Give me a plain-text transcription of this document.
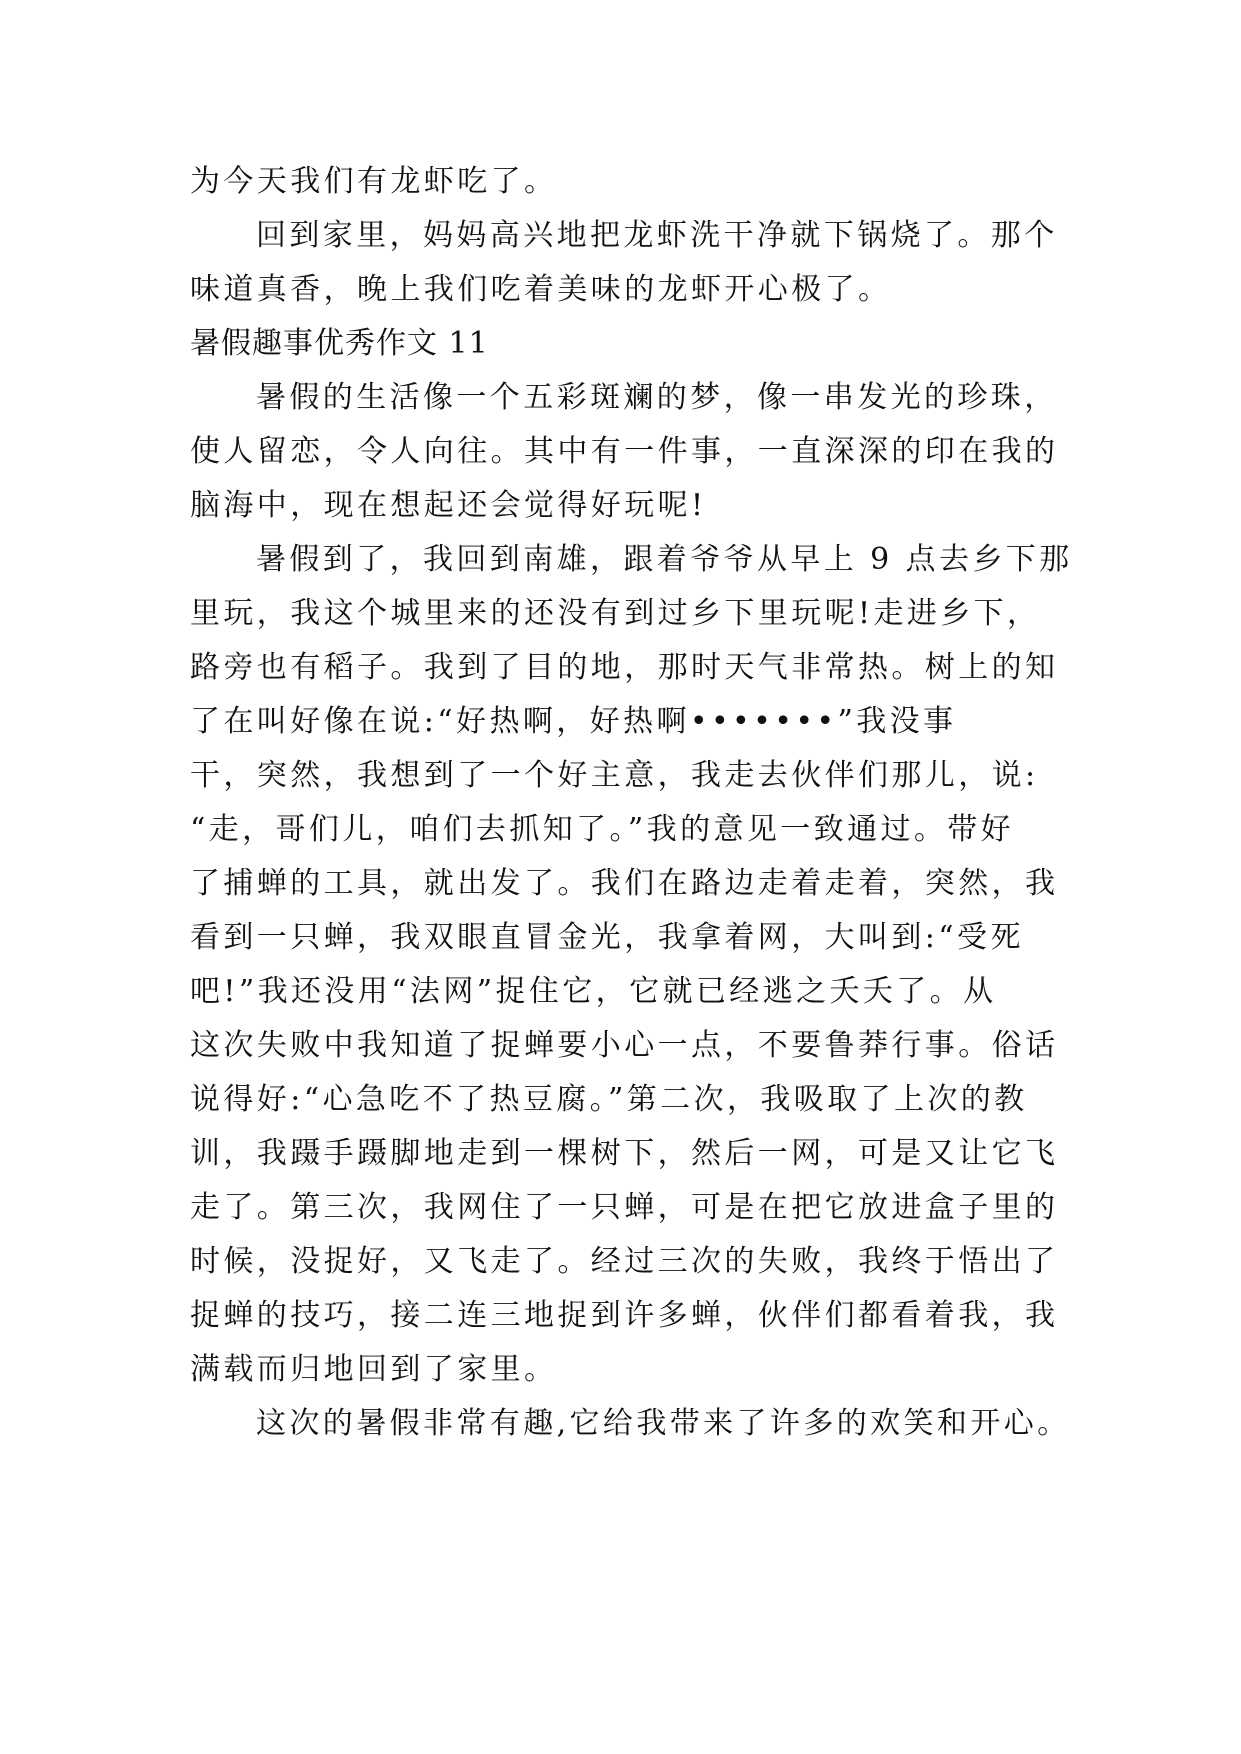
为今天我们有龙虾吃了。
回到家里，妈妈高兴地把龙虾洗干净就下锅烧了。那个
味道真香，晚上我们吃着美味的龙虾开心极了。
暑假趣事优秀作文 11
暑假的生活像一个五彩斑斓的梦，像一串发光的珍珠，
使人留恋，令人向往。其中有一件事，一直深深的印在我的
脑海中，现在想起还会觉得好玩呢!
暑假到了，我回到南雄，跟着爷爷从早上 9 点去乡下那
里玩，我这个城里来的还没有到过乡下里玩呢!走进乡下，
路旁也有稻子。我到了目的地，那时天气非常热。树上的知
了在叫好像在说:“好热啊，好热啊•••••••”我没事
干，突然，我想到了一个好主意，我走去伙伴们那儿，说:
“走，哥们儿，咱们去抓知了。”我的意见一致通过。带好
了捕蝉的工具，就出发了。我们在路边走着走着，突然，我
看到一只蝉，我双眼直冒金光，我拿着网，大叫到:“受死
吧!”我还没用“法网”捉住它，它就已经逃之夭夭了。从
这次失败中我知道了捉蝉要小心一点，不要鲁莽行事。俗话
说得好:“心急吃不了热豆腐。”第二次，我吸取了上次的教
训，我蹑手蹑脚地走到一棵树下，然后一网，可是又让它飞
走了。第三次，我网住了一只蝉，可是在把它放进盒子里的
时候，没捉好，又飞走了。经过三次的失败，我终于悟出了
捉蝉的技巧，接二连三地捉到许多蝉，伙伴们都看着我，我
满载而归地回到了家里。
这次的暑假非常有趣,它给我带来了许多的欢笑和开心。
